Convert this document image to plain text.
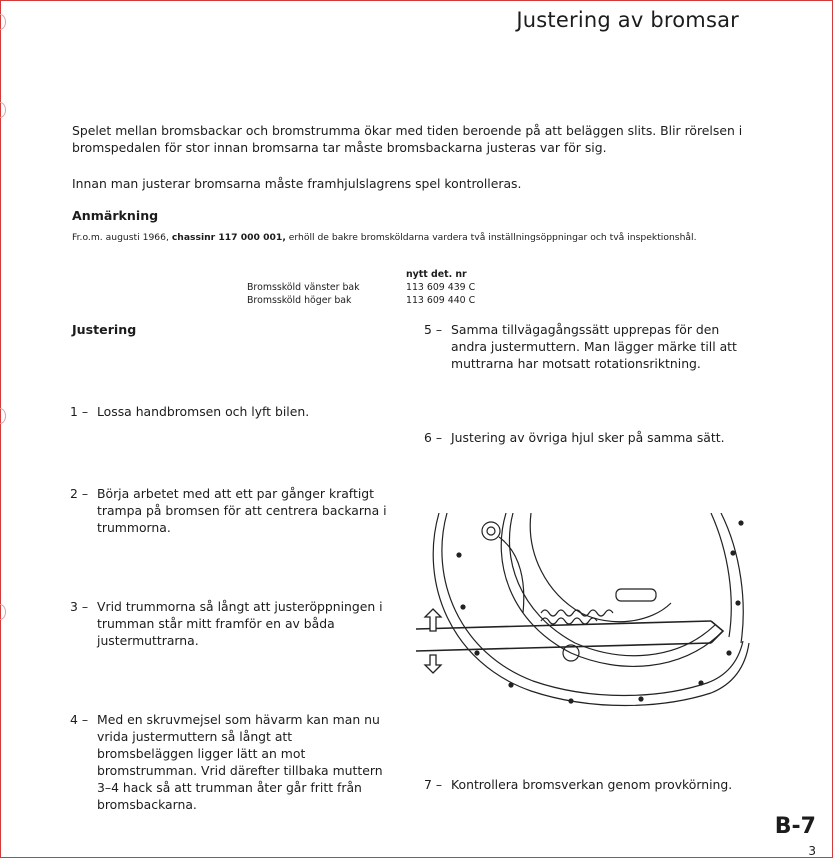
Justering av bromsar

Spelet mellan bromsbackar och bromstrumma ökar med tiden beroende på att beläggen slits. Blir rörelsen i bromspedalen för stor innan bromsarna tar måste bromsbackarna justeras var för sig.

Innan man justerar bromsarna måste framhjulslagrens spel kontrolleras.

Anmärkning
Fr.o.m. augusti 1966, chassinr 117 000 001, erhöll de bakre bromsköldarna vardera två inställningsöppningar och två inspektionshål.
nytt det. nr
Bromssköld vänster bak	113 609 439 C
Bromssköld höger bak	113 609 440 C
Justering
1 – Lossa handbromsen och lyft bilen.
2 – Börja arbetet med att ett par gånger kraftigt trampa på bromsen för att centrera backarna i trummorna.
3 – Vrid trummorna så långt att justeröppningen i trumman står mitt framför en av båda justermuttrarna.
4 – Med en skruvmejsel som hävarm kan man nu vrida justermuttern så långt att bromsbeläggen ligger lätt an mot bromstrumman. Vrid därefter tillbaka muttern 3–4 hack så att trumman åter går fritt från bromsbackarna.
5 – Samma tillvägagångssätt upprepas för den andra justermuttern. Man lägger märke till att muttrarna har motsatt rotationsriktning.
6 – Justering av övriga hjul sker på samma sätt.
7 – Kontrollera bromsverkan genom provkörning.
B-7
3
